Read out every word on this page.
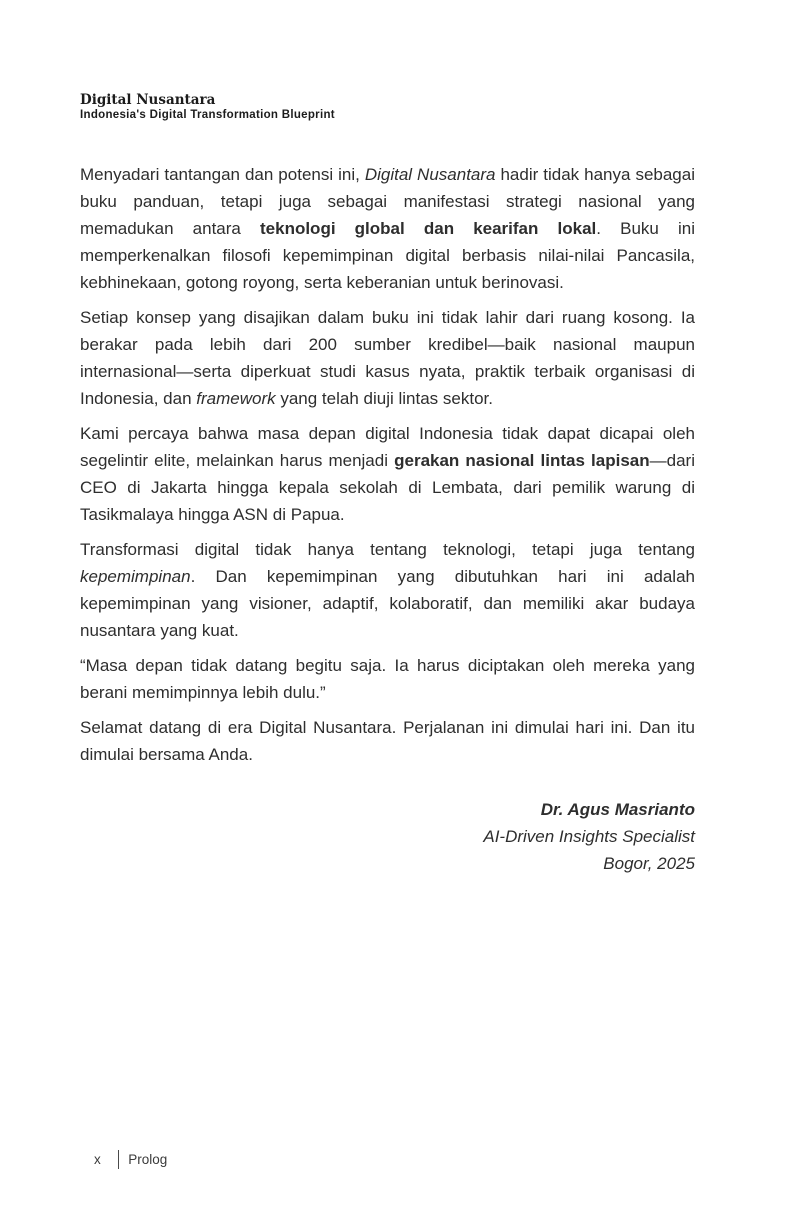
Digital Nusantara
Indonesia's Digital Transformation Blueprint

Menyadari tantangan dan potensi ini, Digital Nusantara hadir tidak hanya sebagai buku panduan, tetapi juga sebagai manifestasi strategi nasional yang memadukan antara teknologi global dan kearifan lokal. Buku ini memperkenalkan filosofi kepemimpinan digital berbasis nilai-nilai Pancasila, kebhinekaan, gotong royong, serta keberanian untuk berinovasi.

Setiap konsep yang disajikan dalam buku ini tidak lahir dari ruang kosong. Ia berakar pada lebih dari 200 sumber kredibel—baik nasional maupun internasional—serta diperkuat studi kasus nyata, praktik terbaik organisasi di Indonesia, dan framework yang telah diuji lintas sektor.

Kami percaya bahwa masa depan digital Indonesia tidak dapat dicapai oleh segelintir elite, melainkan harus menjadi gerakan nasional lintas lapisan—dari CEO di Jakarta hingga kepala sekolah di Lembata, dari pemilik warung di Tasikmalaya hingga ASN di Papua.

Transformasi digital tidak hanya tentang teknologi, tetapi juga tentang kepemimpinan. Dan kepemimpinan yang dibutuhkan hari ini adalah kepemimpinan yang visioner, adaptif, kolaboratif, dan memiliki akar budaya nusantara yang kuat.

“Masa depan tidak datang begitu saja. Ia harus diciptakan oleh mereka yang berani memimpinnya lebih dulu.”

Selamat datang di era Digital Nusantara. Perjalanan ini dimulai hari ini. Dan itu dimulai bersama Anda.

Dr. Agus Masrianto
AI-Driven Insights Specialist
Bogor, 2025
x Prolog
